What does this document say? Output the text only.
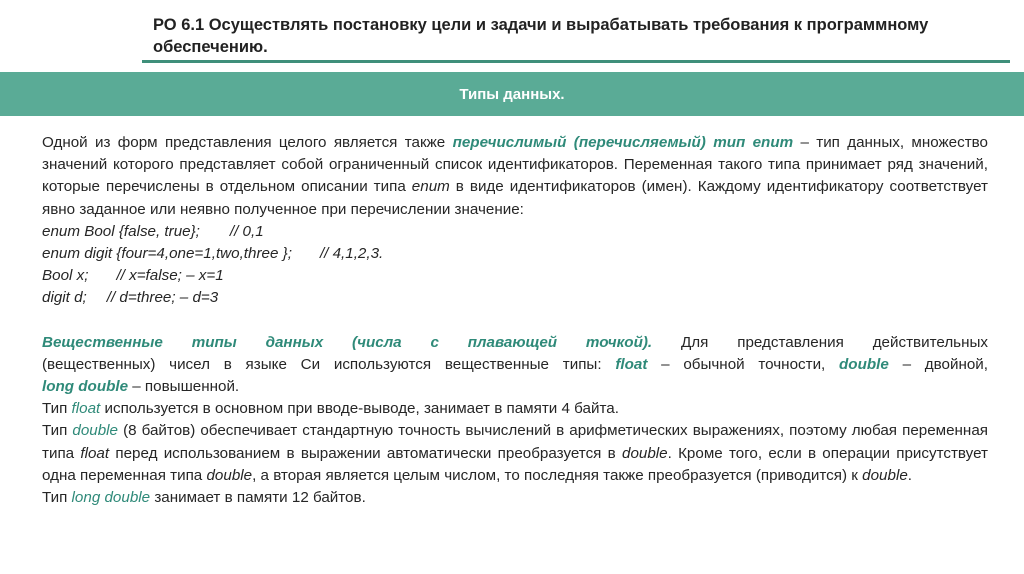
РО 6.1 Осуществлять постановку цели и задачи и вырабатывать требования к программному обеспечению.
Типы данных.

Одной из форм представления целого является также перечислимый (перечисляемый) тип enum – тип данных, множество значений которого представляет собой ограниченный список идентификаторов. Переменная такого типа принимает ряд значений, которые перечислены в отдельном описании типа enum в виде идентификаторов (имен). Каждому идентификатору соответствует явно заданное или неявно полученное при перечислении значение:

enum Bool {false, true}; // 0,1

enum digit {four=4,one=1,two,three }; // 4,1,2,3.

Bool x; // x=false; – x=1

digit d; // d=three; – d=3

Вещественные типы данных (числа с плавающей точкой). Для представления действительных

(вещественных) чисел в языке Си используются вещественные типы: float – обычной точности, double – двойной,

long double – повышенной.

Тип float используется в основном при вводе-выводе, занимает в памяти 4 байта.

Тип double (8 байтов) обеспечивает стандартную точность вычислений в арифметических выражениях, поэтому любая переменная типа float перед использованием в выражении автоматически преобразуется в double. Кроме того, если в операции присутствует одна переменная типа double, а вторая является целым числом, то последняя также преобразуется (приводится) к double.

Тип long double занимает в памяти 12 байтов.
